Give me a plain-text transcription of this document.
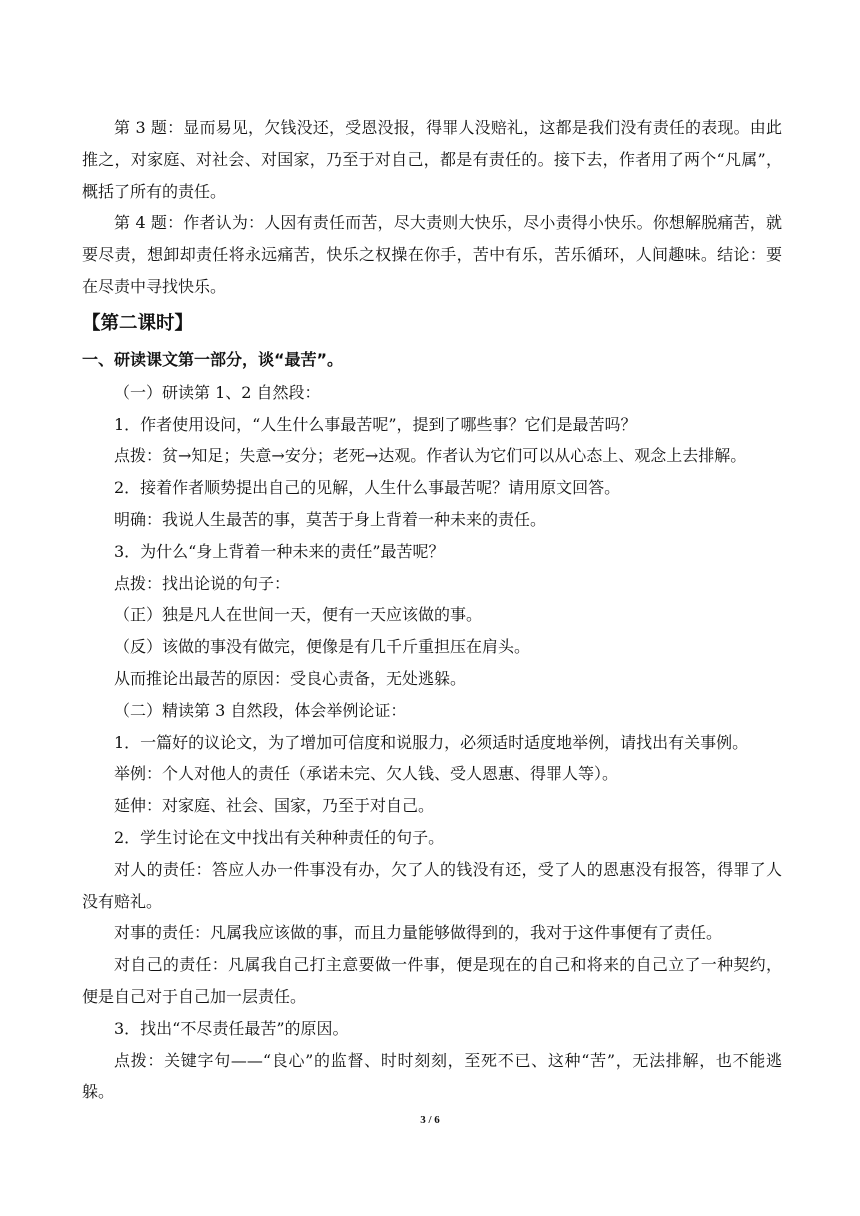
第 3 题：显而易见，欠钱没还，受恩没报，得罪人没赔礼，这都是我们没有责任的表现。由此推之，对家庭、对社会、对国家，乃至于对自己，都是有责任的。接下去，作者用了两个“凡属”，概括了所有的责任。

第 4 题：作者认为：人因有责任而苦，尽大责则大快乐，尽小责得小快乐。你想解脱痛苦，就要尽责，想卸却责任将永远痛苦，快乐之权操在你手，苦中有乐，苦乐循环，人间趣味。结论：要在尽责中寻找快乐。

【第二课时】

一、研读课文第一部分，谈“最苦”。

（一）研读第 1、2 自然段：

1．作者使用设问，“人生什么事最苦呢”，提到了哪些事？它们是最苦吗？

点拨：贫→知足；失意→安分；老死→达观。作者认为它们可以从心态上、观念上去排解。

2．接着作者顺势提出自己的见解，人生什么事最苦呢？请用原文回答。

明确：我说人生最苦的事，莫苦于身上背着一种未来的责任。

3．为什么“身上背着一种未来的责任”最苦呢？

点拨：找出论说的句子：

（正）独是凡人在世间一天，便有一天应该做的事。

（反）该做的事没有做完，便像是有几千斤重担压在肩头。

从而推论出最苦的原因：受良心责备，无处逃躲。

（二）精读第 3 自然段，体会举例论证：

1．一篇好的议论文，为了增加可信度和说服力，必须适时适度地举例，请找出有关事例。

举例：个人对他人的责任（承诺未完、欠人钱、受人恩惠、得罪人等）。

延伸：对家庭、社会、国家，乃至于对自己。

2．学生讨论在文中找出有关种种责任的句子。

对人的责任：答应人办一件事没有办，欠了人的钱没有还，受了人的恩惠没有报答，得罪了人没有赔礼。

对事的责任：凡属我应该做的事，而且力量能够做得到的，我对于这件事便有了责任。

对自己的责任：凡属我自己打主意要做一件事，便是现在的自己和将来的自己立了一种契约，便是自己对于自己加一层责任。

3．找出“不尽责任最苦”的原因。

点拨：关键字句——“良心”的监督、时时刻刻，至死不已、这种“苦”，无法排解，也不能逃躲。

3 / 6
